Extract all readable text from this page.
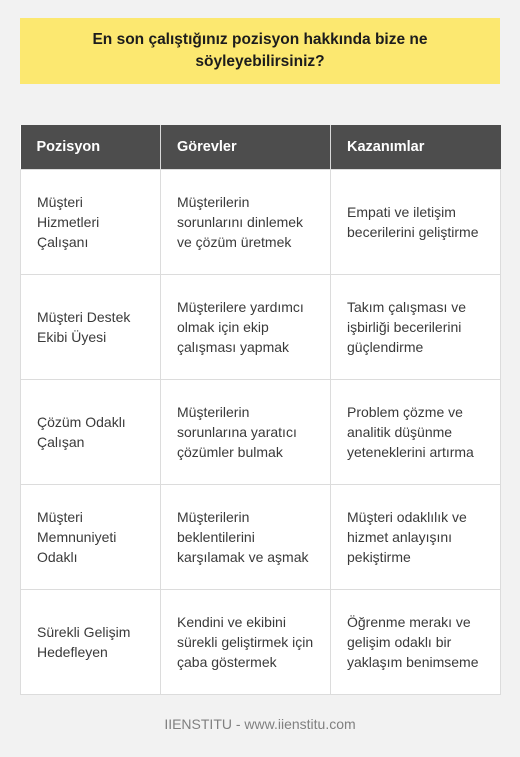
En son çalıştığınız pozisyon hakkında bize ne söyleyebilirsiniz?
Pozisyon	Görevler	Kazanımlar
Müşteri Hizmetleri Çalışanı	Müşterilerin sorunlarını dinlemek ve çözüm üretmek	Empati ve iletişim becerilerini geliştirme
Müşteri Destek Ekibi Üyesi	Müşterilere yardımcı olmak için ekip çalışması yapmak	Takım çalışması ve işbirliği becerilerini güçlendirme
Çözüm Odaklı Çalışan	Müşterilerin sorunlarına yaratıcı çözümler bulmak	Problem çözme ve analitik düşünme yeteneklerini artırma
Müşteri Memnuniyeti Odaklı	Müşterilerin beklentilerini karşılamak ve aşmak	Müşteri odaklılık ve hizmet anlayışını pekiştirme
Sürekli Gelişim Hedefleyen	Kendini ve ekibini sürekli geliştirmek için çaba göstermek	Öğrenme merakı ve gelişim odaklı bir yaklaşım benimseme
IIENSTITU - www.iienstitu.com
